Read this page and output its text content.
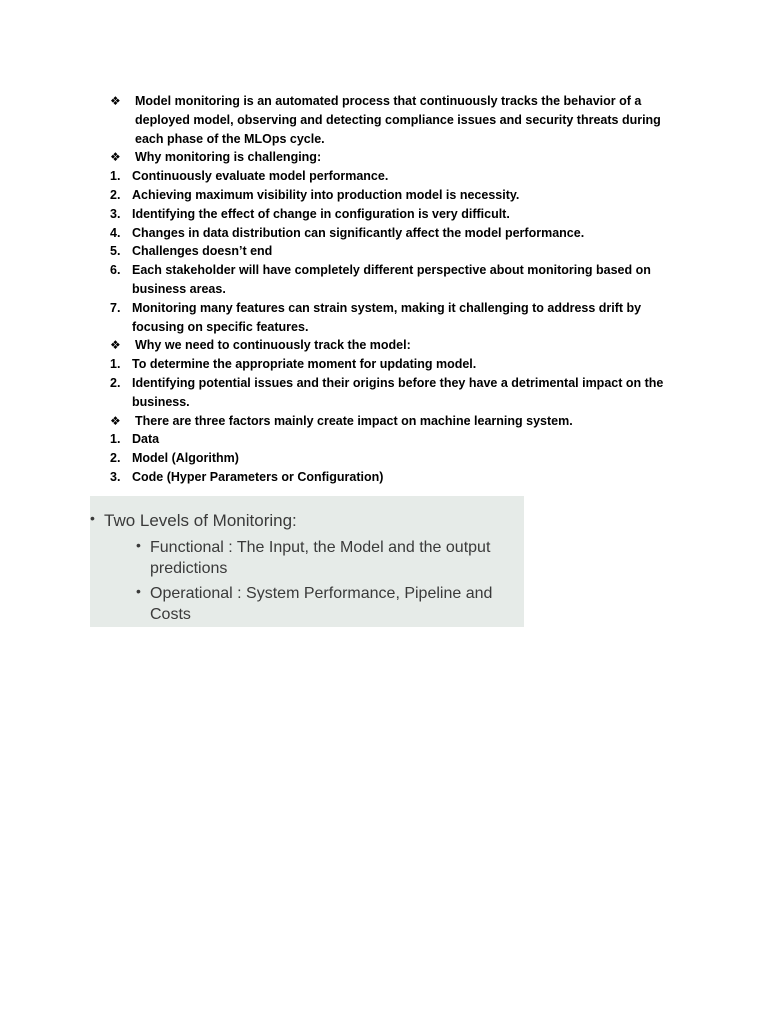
❖ Model monitoring is an automated process that continuously tracks the behavior of a deployed model, observing and detecting compliance issues and security threats during each phase of the MLOps cycle.
❖ Why monitoring is challenging:
1. Continuously evaluate model performance.
2. Achieving maximum visibility into production model is necessity.
3. Identifying the effect of change in configuration is very difficult.
4. Changes in data distribution can significantly affect the model performance.
5. Challenges doesn’t end
6. Each stakeholder will have completely different perspective about monitoring based on business areas.
7. Monitoring many features can strain system, making it challenging to address drift by focusing on specific features.
❖ Why we need to continuously track the model:
1. To determine the appropriate moment for updating model.
2. Identifying potential issues and their origins before they have a detrimental impact on the business.
❖ There are three factors mainly create impact on machine learning system.
1. Data
2. Model (Algorithm)
3. Code (Hyper Parameters or Configuration)
• Two Levels of Monitoring:
• Functional : The Input, the Model and the output predictions
• Operational : System Performance, Pipeline and Costs
